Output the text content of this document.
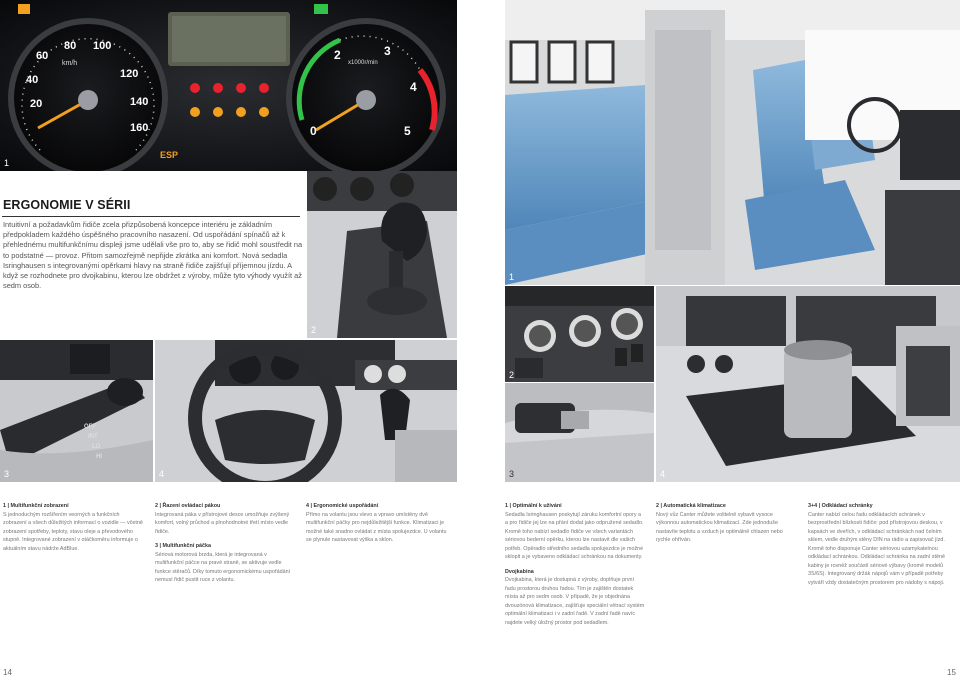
1
km/h	x1000r/min
ESP
80 100
60
120
40
140
20
160
2	3
4
5
0
1
2
2
3
OFF
INT
LO
HI
4	3	4
ERGONOMIE V SÉRII

Intuitivní a požadavkům řidiče zcela přizpůsobená koncepce interiéru je základním předpokladem každého úspěšného pracovního nasazení. Od uspořádání spínačů až k přehlednému multifunkčnímu displeji jsme udělali vše pro to, aby se řidič mohl soustředit na to podstatné — provoz. Přitom samozřejmě nepřijde zkrátka ani komfort. Nová sedadla Isringhausen s integrovanými opěrkami hlavy na straně řidiče zajišťují příjemnou jízdu. A když se rozhodnete pro dvojkabinu, kterou lze obdržet z výroby, může tyto výhody využít až sedm osob.

1 | Multifunkční zobrazení
S jednoduchým rozšířením veorných a funkčních zobrazení a všech důležitých informací o vozidle — včetně zobrazení spotřeby, teploty, stavu oleje a převodového stupně. Integrované zobrazení v otáčkoměru informuje o aktuálním stavu nádrže AdBlue.
2 | Řazení ovládací pákou
Integrovaná páka v přístrojové desce umožňuje zvýšený komfort, volný průchod a plnohodnotné třetí místo vedle řidiče.
3 | Multifunkční páčka
Sériová motorová brzda, která je integrovaná v multifunkční páčce na pravé straně, se aktivuje vedle funkce stěračů. Díky tomuto ergonomickému uspořádání nemusí řidič pustit ruce z volantu.
4 | Ergonomické uspořádání
Přímo na volantu jsou vlevo a vpravo umístěny dvě multifunkční páčky pro nejdůležitější funkce. Klimatizaci je možné také snadno ovládat z místa spolujezdce. U volantu se plynule nastavovat výška a sklon.
1 | Optimální k užívání
Sedadla Isringhausen poskytují záruku komfortní opory a a pro řidiče jej lze na přání dodat jako odpružené sedadlo. Kromě toho nabízí sedadlo řidiče ve všech variantách sériovou bederní opěrku, kterou lze nastavit dle vašich potřeb. Opěradlo středního sedadla spolujezdce je možné sklopit a je vybaveno odkládací schránkou na dokumenty.
Dvojkabina
Dvojkabina, která je dostupná z výroby, doplňuje první řadu prostorou druhou řadou. Tím je zajištěn dostatek místa až pro sedm osob. V případě, že je objednána dvouzónová klimatizace, zajišťuje speciální větrací systém optimální klimatizaci i v zadní řadě. V zadní řadě navíc najdete velký úložný prostor pod sedadlem.
2 | Automatická klimatizace
Nový vůz Canter můžete volitelně vybavit vysoce výkonnou automatickou klimatizací. Zde jednoduše nastavíte teplotu a vzduch je optimálně chlazen nebo rychle ohříván.
3+4 | Odkládací schránky
Canter nabízí celou řadu odkládacích schránek v bezprostřední blízkosti řidiče: pod přístrojovou deskou, v kapsách ve dveřích, v odkládací schránkách nad čelním sklem, vedle druhým stěny DIN na rádio a zapisovač jízd. Kromě toho disponuje Canter sériovou uzamykatelnou odkládací schránkou. Odkládací schránka na zadní stěně kabiny je rovněž součástí sériové výbavy (kromě modelů 3S/6S). Integrovaný držák nápojů vám v případě potřeby vytváří vždy dostatečným prostorem pro nádoby s nápoji.
14	15
